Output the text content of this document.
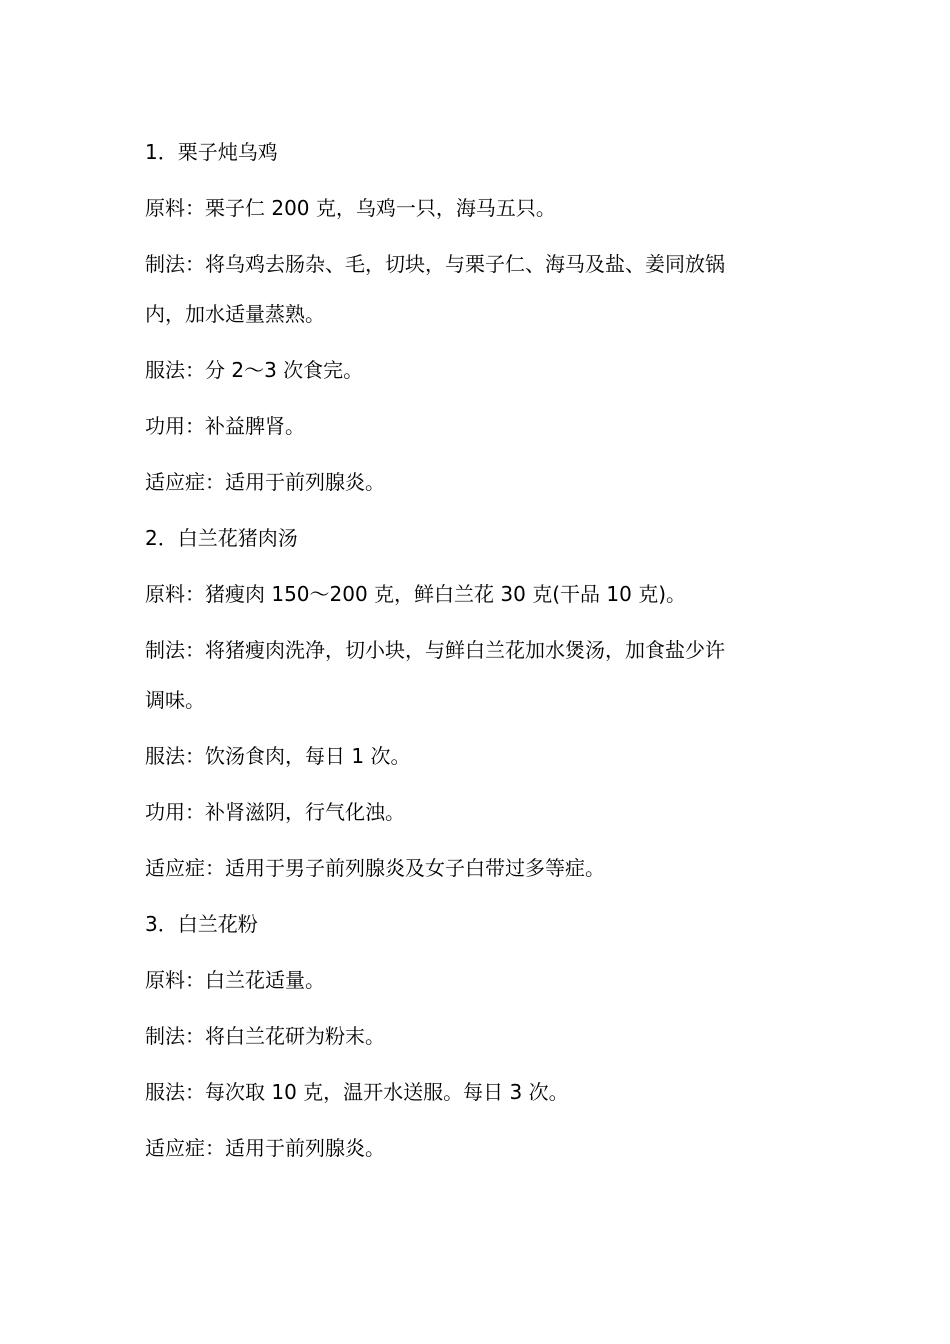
1．栗子炖乌鸡

原料：栗子仁 200 克，乌鸡一只，海马五只。

制法：将乌鸡去肠杂、毛，切块，与栗子仁、海马及盐、姜同放锅

内，加水适量蒸熟。

服法：分 2～3 次食完。

功用：补益脾肾。

适应症：适用于前列腺炎。

2．白兰花猪肉汤

原料：猪瘦肉 150～200 克，鲜白兰花 30 克(干品 10 克)。

制法：将猪瘦肉洗净，切小块，与鲜白兰花加水煲汤，加食盐少许

调味。

服法：饮汤食肉，每日 1 次。

功用：补肾滋阴，行气化浊。

适应症：适用于男子前列腺炎及女子白带过多等症。

3．白兰花粉

原料：白兰花适量。

制法：将白兰花研为粉末。

服法：每次取 10 克，温开水送服。每日 3 次。

适应症：适用于前列腺炎。
